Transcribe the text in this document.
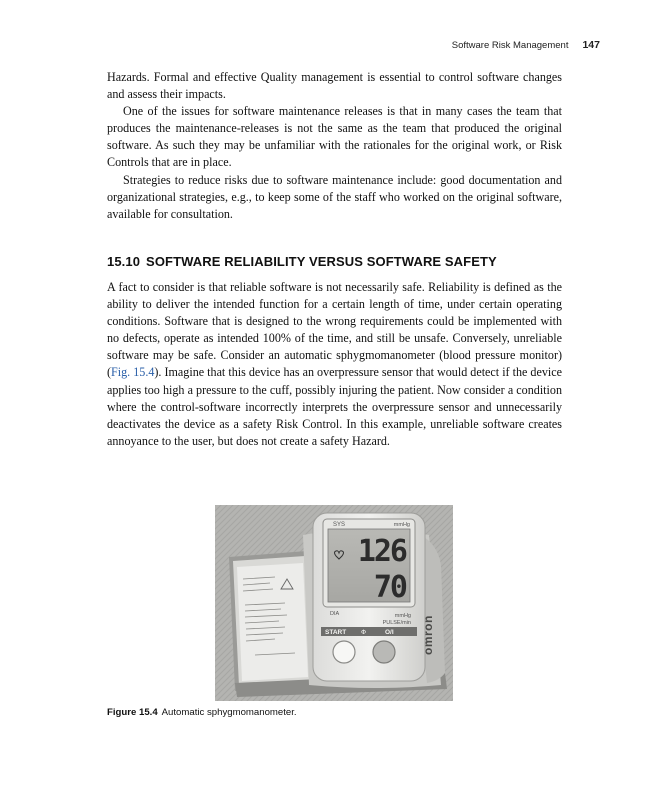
Software Risk Management 147

Hazards. Formal and effective Quality management is essential to control software changes and assess their impacts.

One of the issues for software maintenance releases is that in many cases the team that produces the maintenance-releases is not the same as the team that produced the original software. As such they may be unfamiliar with the rationales for the original work, or Risk Controls that are in place.

Strategies to reduce risks due to software maintenance include: good documentation and organizational strategies, e.g., to keep some of the staff who worked on the original software, available for consultation.

15.10 SOFTWARE RELIABILITY VERSUS SOFTWARE SAFETY

A fact to consider is that reliable software is not necessarily safe. Reliability is defined as the ability to deliver the intended function for a certain length of time, under certain operating conditions. Software that is designed to the wrong requirements could be implemented with no defects, operate as intended 100% of the time, and still be unsafe. Conversely, unreliable software may be safe. Consider an automatic sphygmomanometer (blood pressure monitor) (Fig. 15.4). Imagine that this device has an overpressure sensor that would detect if the device applies too high a pressure to the cuff, possibly injuring the patient. Now consider a condition where the control-software incorrectly interprets the overpressure sensor and unnecessarily deactivates the device as a safety Risk Control. In this example, unreliable software creates annoyance to the user, but does not create a safety Hazard.

SYS	mmHg
126
70
DIA	mmHg
PULSE/min
START Φ	O/I omron
Figure 15.4 Automatic sphygmomanometer.
